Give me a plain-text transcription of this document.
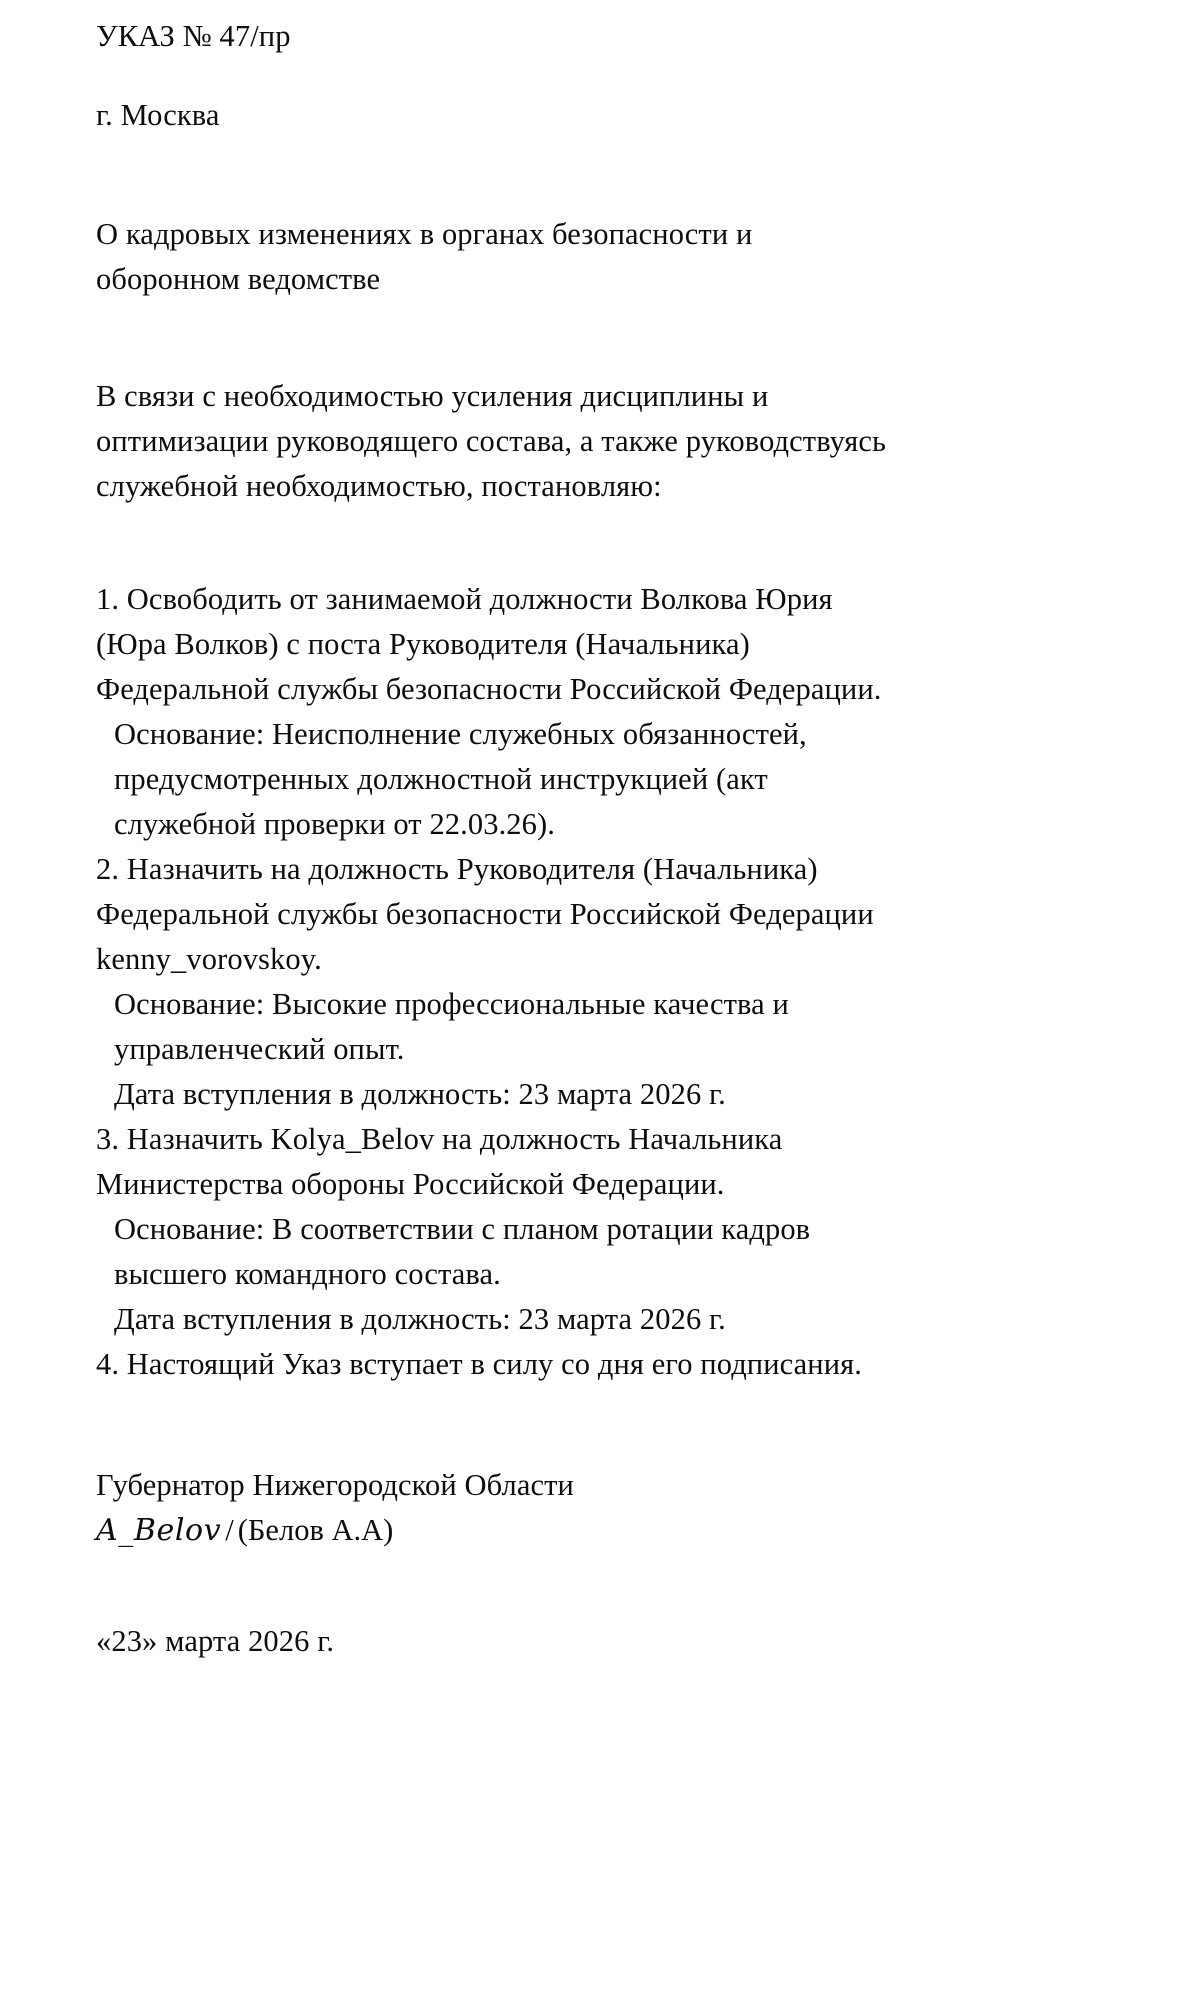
УКАЗ № 47/пр
г. Москва
О кадровых изменениях в органах безопасности и оборонном ведомстве
В связи с необходимостью усиления дисциплины и оптимизации руководящего состава, а также руководствуясь служебной необходимостью, постановляю:
1. Освободить от занимаемой должности Волкова Юрия (Юра Волков) с поста Руководителя (Начальника) Федеральной службы безопасности Российской Федерации.
Основание: Неисполнение служебных обязанностей, предусмотренных должностной инструкцией (акт служебной проверки от 22.03.26).
2. Назначить на должность Руководителя (Начальника) Федеральной службы безопасности Российской Федерации kenny_vorovskoy.
Основание: Высокие профессиональные качества и управленческий опыт.
Дата вступления в должность: 23 марта 2026 г.
3. Назначить Kolya_Belov на должность Начальника Министерства обороны Российской Федерации.
Основание: В соответствии с планом ротации кадров высшего командного состава.
Дата вступления в должность: 23 марта 2026 г.
4. Настоящий Указ вступает в силу со дня его подписания.
Губернатор Нижегородской Области
A_Belov / (Белов А.А)
«23» марта 2026 г.
